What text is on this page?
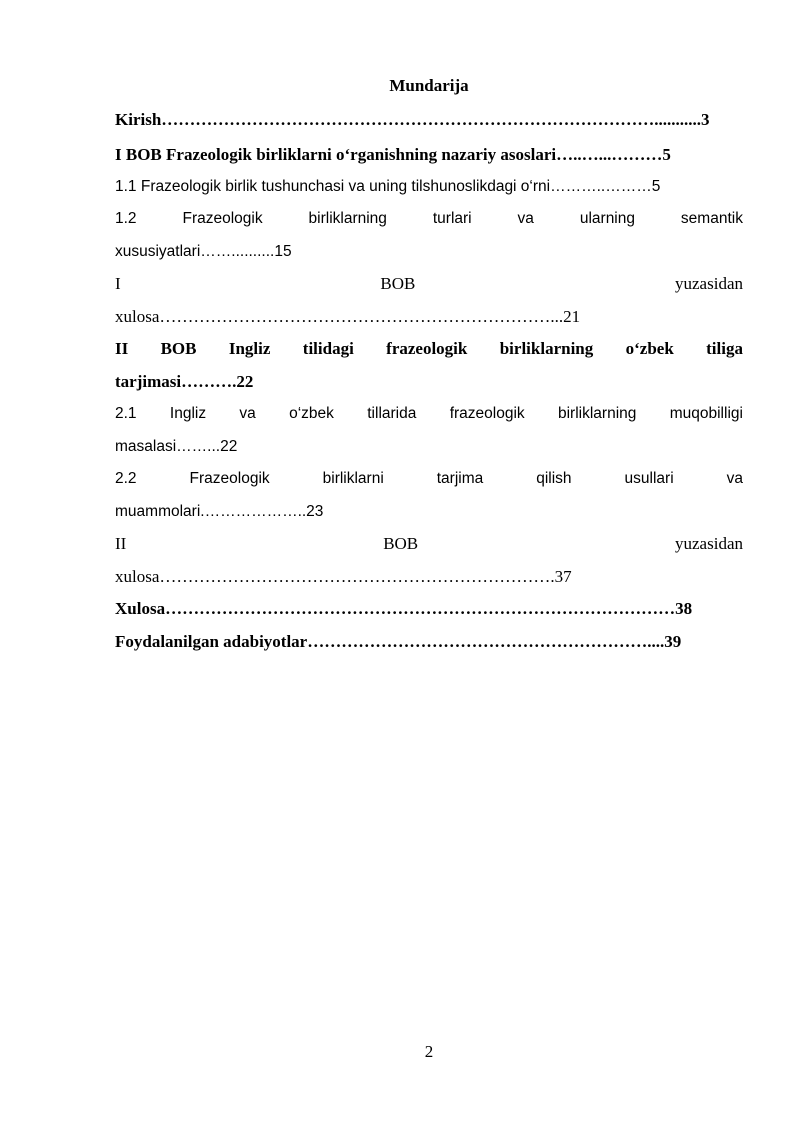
Mundarija
Kirish……………………………………………………………………………...........3
I BOB Frazeologik birliklarni o‘rganishning nazariy asoslari…..…...………5
1.1 Frazeologik birlik tushunchasi va uning tilshunoslikdagi o‘rni………..………5
1.2	Frazeologik	birliklarning	turlari	va	ularning	semantik
xususiyatlari……..........15
I	BOB	yuzasidan
xulosa……………………………………………………………...21
II BOB Ingliz tilidagi frazeologik birliklarning o‘zbek tiliga
tarjimasi……….22
2.1 Ingliz va o‘zbek tillarida frazeologik birliklarning muqobilligi
masalasi……...22
2.2	Frazeologik	birliklarni	tarjima	qilish	usullari	va
muammolari.………………..23
II	BOB	yuzasidan
xulosa…………………………………………………………….37
Xulosa………………………………………………………………………………38
Foydalanilgan adabiyotlar……………………………………………………....39
2
